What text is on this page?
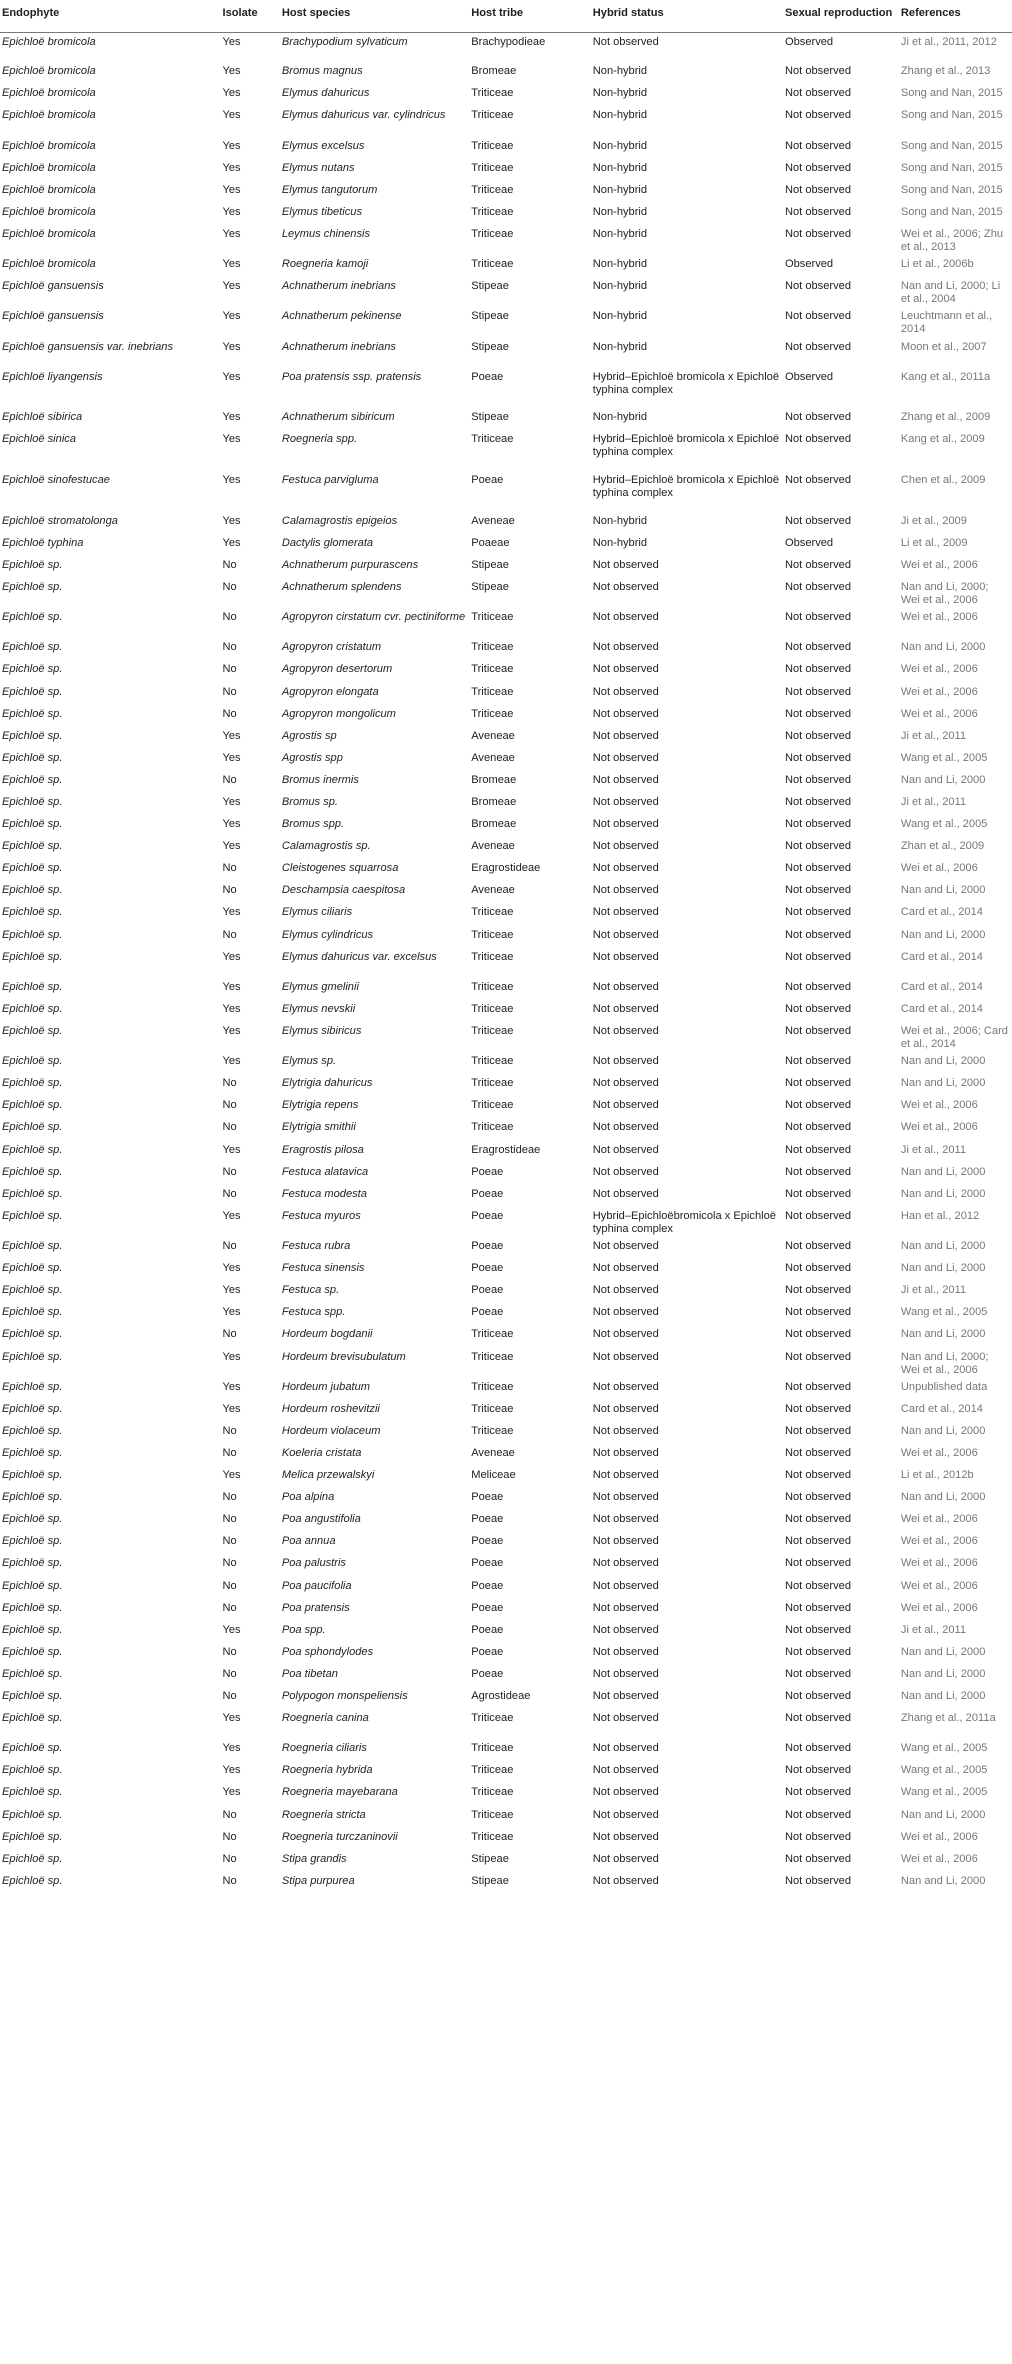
Endophyte	Isolate	Host species	Host tribe	Hybrid status	Sexual reproduction	References
Epichloë bromicola	Yes	Brachypodium sylvaticum	Brachypodieae	Not observed	Observed	Ji et al., 2011, 2012
Epichloë bromicola	Yes	Bromus magnus	Bromeae	Non-hybrid	Not observed	Zhang et al., 2013
Epichloë bromicola	Yes	Elymus dahuricus	Triticeae	Non-hybrid	Not observed	Song and Nan, 2015
Epichloë bromicola	Yes	Elymus dahuricus var. cylindricus	Triticeae	Non-hybrid	Not observed	Song and Nan, 2015
Epichloë bromicola	Yes	Elymus excelsus	Triticeae	Non-hybrid	Not observed	Song and Nan, 2015
Epichloë bromicola	Yes	Elymus nutans	Triticeae	Non-hybrid	Not observed	Song and Nan, 2015
Epichloë bromicola	Yes	Elymus tangutorum	Triticeae	Non-hybrid	Not observed	Song and Nan, 2015
Epichloë bromicola	Yes	Elymus tibeticus	Triticeae	Non-hybrid	Not observed	Song and Nan, 2015
Epichloë bromicola	Yes	Leymus chinensis	Triticeae	Non-hybrid	Not observed	Wei et al., 2006; Zhu et al., 2013
Epichloë bromicola	Yes	Roegneria kamoji	Triticeae	Non-hybrid	Observed	Li et al., 2006b
Epichloë gansuensis	Yes	Achnatherum inebrians	Stipeae	Non-hybrid	Not observed	Nan and Li, 2000; Li et al., 2004
Epichloë gansuensis	Yes	Achnatherum pekinense	Stipeae	Non-hybrid	Not observed	Leuchtmann et al., 2014
Epichloë gansuensis var. inebrians	Yes	Achnatherum inebrians	Stipeae	Non-hybrid	Not observed	Moon et al., 2007
Epichloë liyangensis	Yes	Poa pratensis ssp. pratensis	Poeae	Hybrid–Epichloë bromicola x Epichloë typhina complex	Observed	Kang et al., 2011a
Epichloë sibirica	Yes	Achnatherum sibiricum	Stipeae	Non-hybrid	Not observed	Zhang et al., 2009
Epichloë sinica	Yes	Roegneria spp.	Triticeae	Hybrid–Epichloë bromicola x Epichloë typhina complex	Not observed	Kang et al., 2009
Epichloë sinofestucae	Yes	Festuca parvigluma	Poeae	Hybrid–Epichloë bromicola x Epichloë typhina complex	Not observed	Chen et al., 2009
Epichloë stromatolonga	Yes	Calamagrostis epigeios	Aveneae	Non-hybrid	Not observed	Ji et al., 2009
Epichloë typhina	Yes	Dactylis glomerata	Poaeae	Non-hybrid	Observed	Li et al., 2009
Epichloë sp.	No	Achnatherum purpurascens	Stipeae	Not observed	Not observed	Wei et al., 2006
Epichloë sp.	No	Achnatherum splendens	Stipeae	Not observed	Not observed	Nan and Li, 2000; Wei et al., 2006
Epichloë sp.	No	Agropyron cirstatum cvr. pectiniforme	Triticeae	Not observed	Not observed	Wei et al., 2006
Epichloë sp.	No	Agropyron cristatum	Triticeae	Not observed	Not observed	Nan and Li, 2000
Epichloë sp.	No	Agropyron desertorum	Triticeae	Not observed	Not observed	Wei et al., 2006
Epichloë sp.	No	Agropyron elongata	Triticeae	Not observed	Not observed	Wei et al., 2006
Epichloë sp.	No	Agropyron mongolicum	Triticeae	Not observed	Not observed	Wei et al., 2006
Epichloë sp.	Yes	Agrostis sp	Aveneae	Not observed	Not observed	Ji et al., 2011
Epichloë sp.	Yes	Agrostis spp	Aveneae	Not observed	Not observed	Wang et al., 2005
Epichloë sp.	No	Bromus inermis	Bromeae	Not observed	Not observed	Nan and Li, 2000
Epichloë sp.	Yes	Bromus sp.	Bromeae	Not observed	Not observed	Ji et al., 2011
Epichloë sp.	Yes	Bromus spp.	Bromeae	Not observed	Not observed	Wang et al., 2005
Epichloë sp.	Yes	Calamagrostis sp.	Aveneae	Not observed	Not observed	Zhan et al., 2009
Epichloë sp.	No	Cleistogenes squarrosa	Eragrostideae	Not observed	Not observed	Wei et al., 2006
Epichloë sp.	No	Deschampsia caespitosa	Aveneae	Not observed	Not observed	Nan and Li, 2000
Epichloë sp.	Yes	Elymus ciliaris	Triticeae	Not observed	Not observed	Card et al., 2014
Epichloë sp.	No	Elymus cylindricus	Triticeae	Not observed	Not observed	Nan and Li, 2000
Epichloë sp.	Yes	Elymus dahuricus var. excelsus	Triticeae	Not observed	Not observed	Card et al., 2014
Epichloë sp.	Yes	Elymus gmelinii	Triticeae	Not observed	Not observed	Card et al., 2014
Epichloë sp.	Yes	Elymus nevskii	Triticeae	Not observed	Not observed	Card et al., 2014
Epichloë sp.	Yes	Elymus sibiricus	Triticeae	Not observed	Not observed	Wei et al., 2006; Card et al., 2014
Epichloë sp.	Yes	Elymus sp.	Triticeae	Not observed	Not observed	Nan and Li, 2000
Epichloë sp.	No	Elytrigia dahuricus	Triticeae	Not observed	Not observed	Nan and Li, 2000
Epichloë sp.	No	Elytrigia repens	Triticeae	Not observed	Not observed	Wei et al., 2006
Epichloë sp.	No	Elytrigia smithii	Triticeae	Not observed	Not observed	Wei et al., 2006
Epichloë sp.	Yes	Eragrostis pilosa	Eragrostideae	Not observed	Not observed	Ji et al., 2011
Epichloë sp.	No	Festuca alatavica	Poeae	Not observed	Not observed	Nan and Li, 2000
Epichloë sp.	No	Festuca modesta	Poeae	Not observed	Not observed	Nan and Li, 2000
Epichloë sp.	Yes	Festuca myuros	Poeae	Hybrid–Epichloëbromicola x Epichloë typhina complex	Not observed	Han et al., 2012
Epichloë sp.	No	Festuca rubra	Poeae	Not observed	Not observed	Nan and Li, 2000
Epichloë sp.	Yes	Festuca sinensis	Poeae	Not observed	Not observed	Nan and Li, 2000
Epichloë sp.	Yes	Festuca sp.	Poeae	Not observed	Not observed	Ji et al., 2011
Epichloë sp.	Yes	Festuca spp.	Poeae	Not observed	Not observed	Wang et al., 2005
Epichloë sp.	No	Hordeum bogdanii	Triticeae	Not observed	Not observed	Nan and Li, 2000
Epichloë sp.	Yes	Hordeum brevisubulatum	Triticeae	Not observed	Not observed	Nan and Li, 2000; Wei et al., 2006
Epichloë sp.	Yes	Hordeum jubatum	Triticeae	Not observed	Not observed	Unpublished data
Epichloë sp.	Yes	Hordeum roshevitzii	Triticeae	Not observed	Not observed	Card et al., 2014
Epichloë sp.	No	Hordeum violaceum	Triticeae	Not observed	Not observed	Nan and Li, 2000
Epichloë sp.	No	Koeleria cristata	Aveneae	Not observed	Not observed	Wei et al., 2006
Epichloë sp.	Yes	Melica przewalskyi	Meliceae	Not observed	Not observed	Li et al., 2012b
Epichloë sp.	No	Poa alpina	Poeae	Not observed	Not observed	Nan and Li, 2000
Epichloë sp.	No	Poa angustifolia	Poeae	Not observed	Not observed	Wei et al., 2006
Epichloë sp.	No	Poa annua	Poeae	Not observed	Not observed	Wei et al., 2006
Epichloë sp.	No	Poa palustris	Poeae	Not observed	Not observed	Wei et al., 2006
Epichloë sp.	No	Poa paucifolia	Poeae	Not observed	Not observed	Wei et al., 2006
Epichloë sp.	No	Poa pratensis	Poeae	Not observed	Not observed	Wei et al., 2006
Epichloë sp.	Yes	Poa spp.	Poeae	Not observed	Not observed	Ji et al., 2011
Epichloë sp.	No	Poa sphondylodes	Poeae	Not observed	Not observed	Nan and Li, 2000
Epichloë sp.	No	Poa tibetan	Poeae	Not observed	Not observed	Nan and Li, 2000
Epichloë sp.	No	Polypogon monspeliensis	Agrostideae	Not observed	Not observed	Nan and Li, 2000
Epichloë sp.	Yes	Roegneria canina	Triticeae	Not observed	Not observed	Zhang et al., 2011a
Epichloë sp.	Yes	Roegneria ciliaris	Triticeae	Not observed	Not observed	Wang et al., 2005
Epichloë sp.	Yes	Roegneria hybrida	Triticeae	Not observed	Not observed	Wang et al., 2005
Epichloë sp.	Yes	Roegneria mayebarana	Triticeae	Not observed	Not observed	Wang et al., 2005
Epichloë sp.	No	Roegneria stricta	Triticeae	Not observed	Not observed	Nan and Li, 2000
Epichloë sp.	No	Roegneria turczaninovii	Triticeae	Not observed	Not observed	Wei et al., 2006
Epichloë sp.	No	Stipa grandis	Stipeae	Not observed	Not observed	Wei et al., 2006
Epichloë sp.	No	Stipa purpurea	Stipeae	Not observed	Not observed	Nan and Li, 2000
